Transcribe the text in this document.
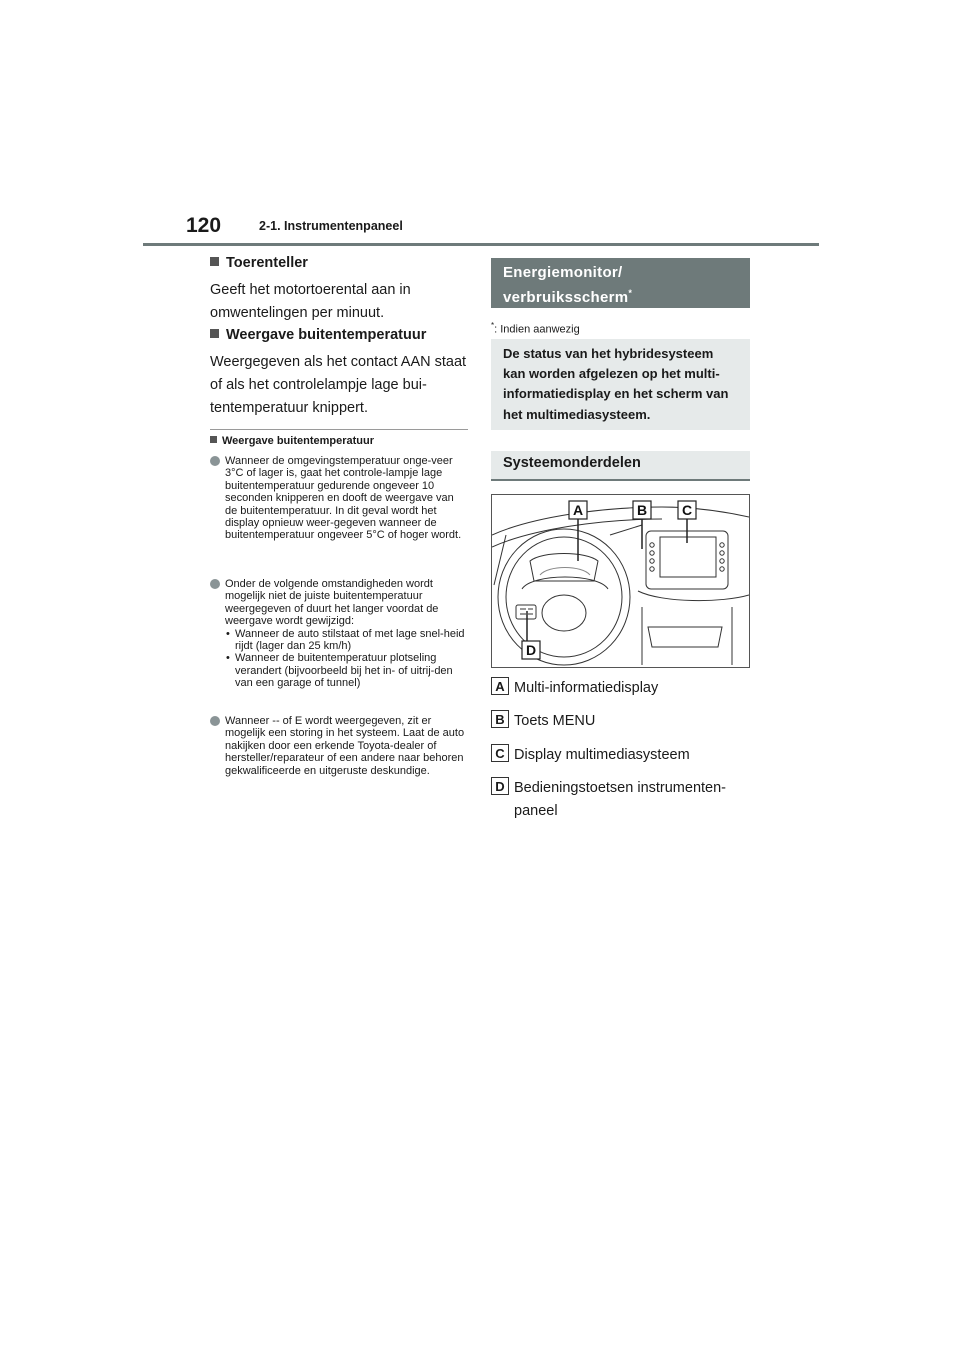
120	2-1. Instrumentenpaneel
Toerenteller
Geeft het motortoerental aan in omwentelingen per minuut.
Weergave buitentemperatuur
Weergegeven als het contact AAN staat of als het controlelampje lage bui-tentemperatuur knippert.
Weergave buitentemperatuur
Wanneer de omgevingstemperatuur onge-veer 3°C of lager is, gaat het controle-lampje lage buitentemperatuur gedurende ongeveer 10 seconden knipperen en dooft de weergave van de buitentemperatuur. In dit geval wordt het display opnieuw weer-gegeven wanneer de buitentemperatuur ongeveer 5°C of hoger wordt.
Onder de volgende omstandigheden wordt mogelijk niet de juiste buitentemperatuur weergegeven of duurt het langer voordat de weergave wordt gewijzigd:
• Wanneer de auto stilstaat of met lage snel-heid rijdt (lager dan 25 km/h)
• Wanneer de buitentemperatuur plotseling verandert (bijvoorbeeld bij het in- of uitrij-den van een garage of tunnel)
Wanneer -- of E wordt weergegeven, zit er mogelijk een storing in het systeem. Laat de auto nakijken door een erkende Toyota-dealer of hersteller/reparateur of een andere naar behoren gekwalificeerde en uitgeruste deskundige.
Energiemonitor/
verbruiksscherm*
*: Indien aanwezig
De status van het hybridesysteem kan worden afgelezen op het multi-informatiedisplay en het scherm van het multimediasysteem.
Systeemonderdelen
A	B C
D
A Multi-informatiedisplay
B Toets MENU
C Display multimediasysteem
D Bedieningstoetsen instrumenten-
paneel
